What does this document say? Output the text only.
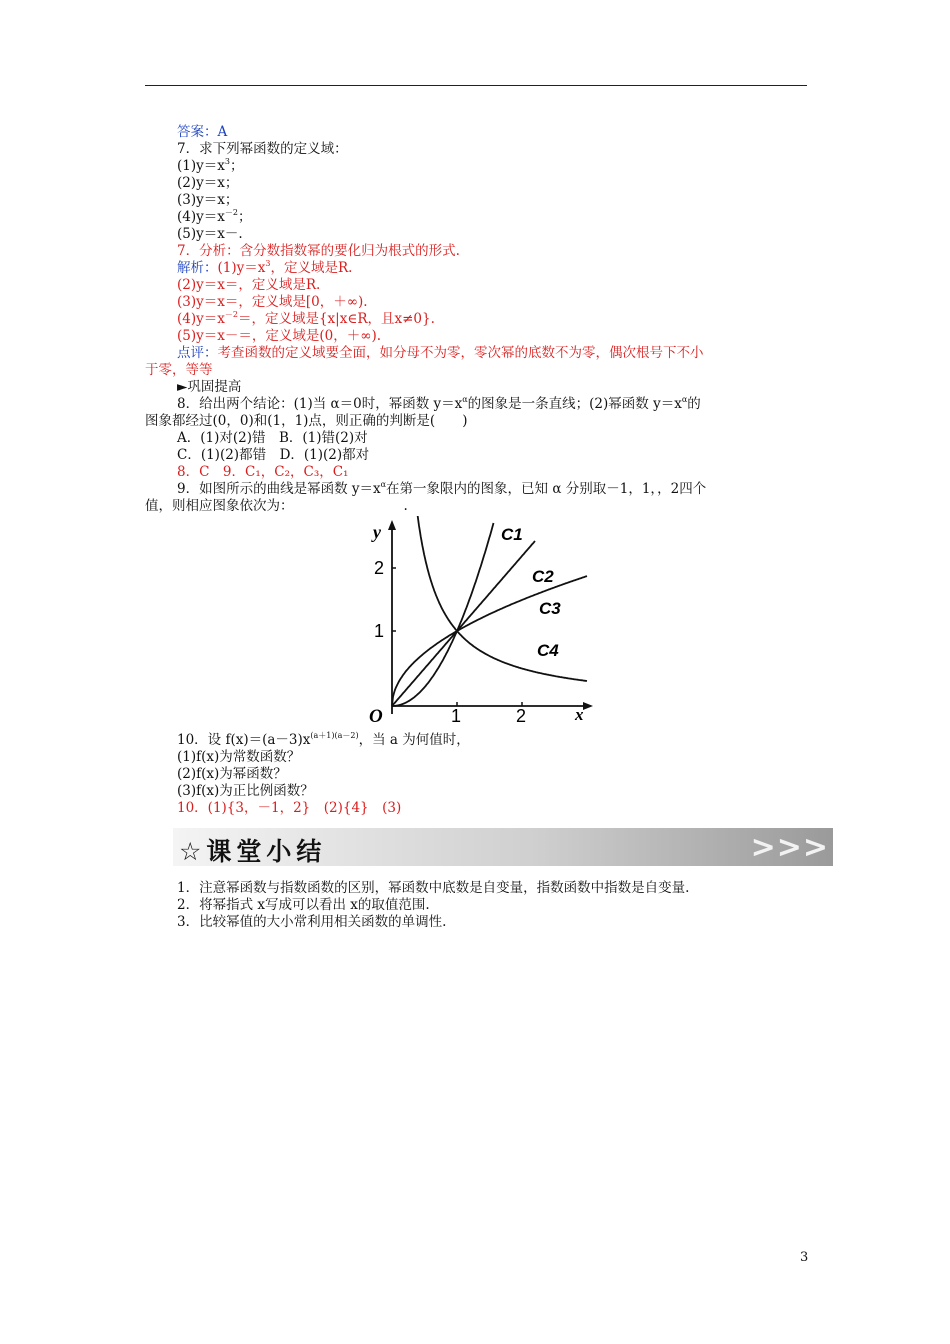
答案：A
7．求下列幂函数的定义域：
$(1)y=x^3$；
(2)y＝x；
(3)y＝x；
$(4)y=x^{-2}$；
(5)y＝x－.
7．分析：含分数指数幂的要化归为根式的形式.
解析：$(1)y=x^3$，定义域是R.
(2)y＝x＝，定义域是R.
(3)y＝x＝，定义域是[0，＋∞).
$(4)y=x^{-2}=$，定义域是{x|x∈R，且x≠0}.
(5)y＝x－＝，定义域是(0，＋∞).
点评：考查函数的定义域要全面，如分母不为零，零次幂的底数不为零，偶次根号下不小
于零，等等
►巩固提高
8．给出两个结论：(1)当 α＝0时，幂函数 $y=x^\alpha$的图象是一条直线；(2)幂函数 $y=x^\alpha$的
图象都经过(0，0)和(1，1)点，则正确的判断是(　　)
A．(1)对(2)错　B．(1)错(2)对
C．(1)(2)都错　D．(1)(2)都对
8．C　9．C₁，C₂，C₃，C₁
9．如图所示的曲线是幂函数 $y=x^\alpha$在第一象限内的图象，已知 α 分别取－1，1，，2四个
值，则相应图象依次为：	.
y
x
O	1	2
1
2
C1
C2
C3
C4
10．设 $f(x)=(a-3)x^{(a+1)(a-2)}$，当 a 为何值时，
(1)f(x)为常数函数？
(2)f(x)为幂函数？
(3)f(x)为正比例函数？
10．(1){3，－1，2}　(2){4}　(3)
☆课堂小结	>>>
1．注意幂函数与指数函数的区别，幂函数中底数是自变量，指数函数中指数是自变量.
2．将幂指式 x写成可以看出 x的取值范围.
3．比较幂值的大小常利用相关函数的单调性.
3
